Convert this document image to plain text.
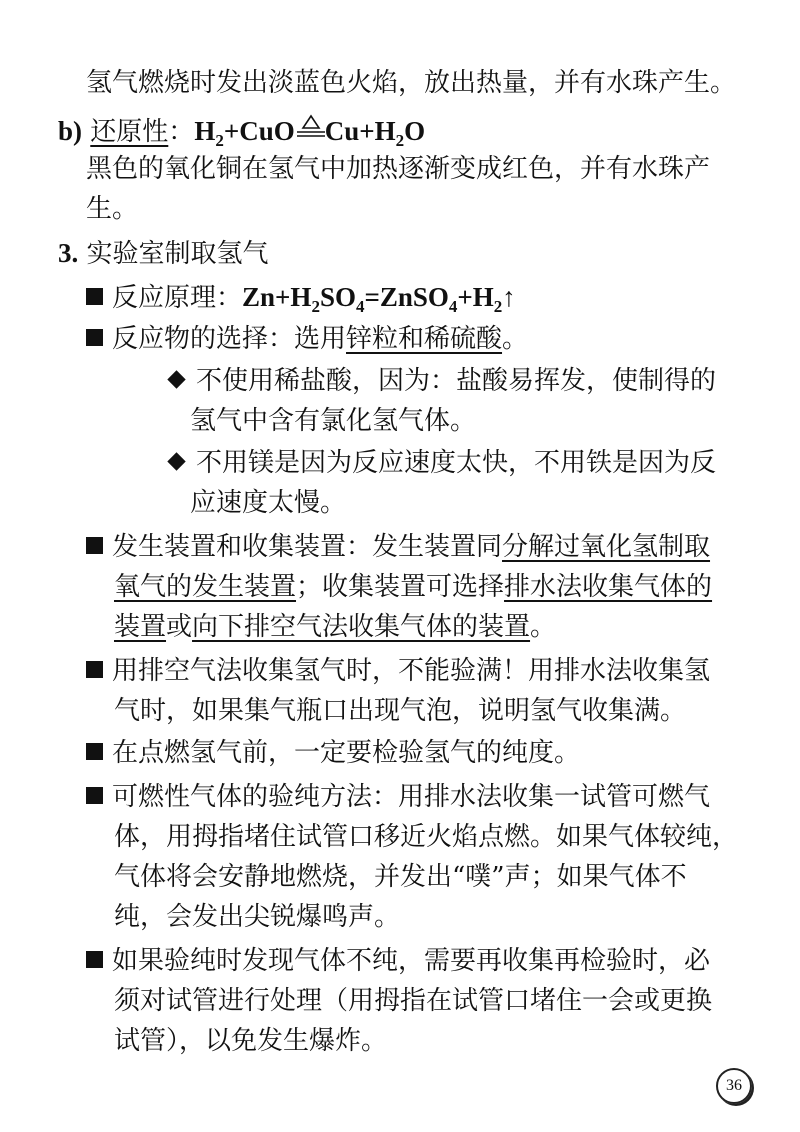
氢气燃烧时发出淡蓝色火焰，放出热量，并有水珠产生。
b) 还原性：$H_2+CuO$ $Cu+H_2O$
黑色的氧化铜在氢气中加热逐渐变成红色，并有水珠产
生。
3. 实验室制取氢气
反应原理：$Zn+H_2SO_4=ZnSO_4+H_2↑$
反应物的选择：选用锌粒和稀硫酸。
不使用稀盐酸，因为：盐酸易挥发，使制得的
氢气中含有氯化氢气体。
不用镁是因为反应速度太快，不用铁是因为反
应速度太慢。
发生装置和收集装置：发生装置同分解过氧化氢制取
氧气的发生装置；收集装置可选择排水法收集气体的
装置或向下排空气法收集气体的装置。
用排空气法收集氢气时，不能验满！用排水法收集氢
气时，如果集气瓶口出现气泡，说明氢气收集满。
在点燃氢气前，一定要检验氢气的纯度。
可燃性气体的验纯方法：用排水法收集一试管可燃气
体，用拇指堵住试管口移近火焰点燃。如果气体较纯，
气体将会安静地燃烧，并发出“噗”声；如果气体不
纯，会发出尖锐爆鸣声。
如果验纯时发现气体不纯，需要再收集再检验时，必
须对试管进行处理（用拇指在试管口堵住一会或更换
试管），以免发生爆炸。
36
